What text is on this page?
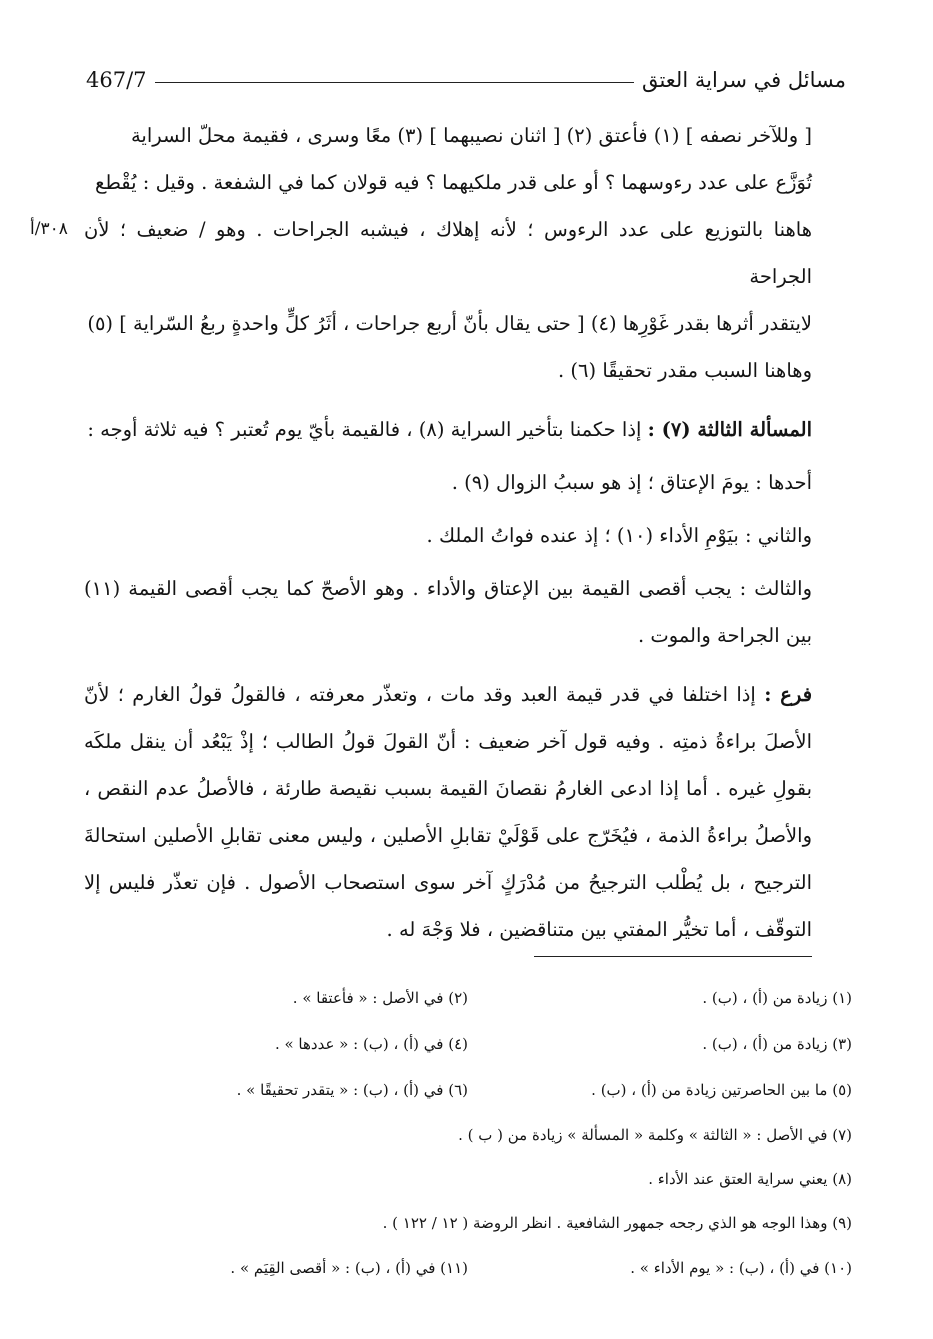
467/7	مسائل في سراية العتق
٣٠٨/أ

[ وللآخر نصفه ] (١) فأعتق (٢) [ اثنان نصيبهما ] (٣) معًا وسرى ، فقيمة محلّ السراية

تُوَزَّع على عدد رءوسهما ؟ أو على قدر ملكيهما ؟ فيه قولان كما في الشفعة . وقيل : يُقْطع

هاهنا بالتوزيع على عدد الرءوس ؛ لأنه إهلاك ، فيشبه الجراحات . وهو / ضعيف ؛ لأن الجراحة

لايتقدر أثرها بقدر غَوْرِها (٤) [ حتى يقال بأنّ أربع جراحات ، أثَرُ كلٍّ واحدةٍ ربعُ السّراية ] (٥)

وهاهنا السبب مقدر تحقيقًا (٦) .

المسألة الثالثة (٧) : إذا حكمنا بتأخير السراية (٨) ، فالقيمة بأيّ يوم تُعتبر ؟ فيه ثلاثة أوجه :

أحدها : يومَ الإعتاق ؛ إذ هو سببُ الزوال (٩) .

والثاني : بيَوْمِ الأداء (١٠) ؛ إذ عنده فواتُ الملك .

والثالث : يجب أقصى القيمة بين الإعتاق والأداء . وهو الأصحّ كما يجب أقصى القيمة (١١) بين الجراحة والموت .

فرع : إذا اختلفا في قدر قيمة العبد وقد مات ، وتعذّر معرفته ، فالقولُ قولُ الغارم ؛ لأنّ الأصلَ براءةُ ذمتِه . وفيه قول آخر ضعيف : أنّ القولَ قولُ الطالب ؛ إذْ يَبْعُد أن ينقل ملكَه بقولِ غيره . أما إذا ادعى الغارمُ نقصانَ القيمة بسبب نقيصة طارئة ، فالأصلُ عدم النقص ، والأصلُ براءةُ الذمة ، فيُخَرّج على قَوْلَيْ تقابلِ الأصلين ، وليس معنى تقابلِ الأصلين استحالةَ الترجيح ، بل يُطْلب الترجيحُ من مُدْرَكٍ آخر سوى استصحاب الأصول . فإن تعذّر فليس إلا التوقّف ، أما تخيُّر المفتي بين متناقضين ، فلا وَجْهَ له .

(١) زيادة من (أ) ، (ب) .
(٢) في الأصل : « فأعتقا » .
(٣) زيادة من (أ) ، (ب) .
(٤) في (أ) ، (ب) : « عددها » .
(٥) ما بين الحاصرتين زيادة من (أ) ، (ب) .
(٦) في (أ) ، (ب) : « يتقدر تحقيقًا » .
(٧) في الأصل : « الثالثة » وكلمة « المسألة » زيادة من ( ب ) .
(٨) يعني سراية العتق عند الأداء .
(٩) وهذا الوجه هو الذي رجحه جمهور الشافعية . انظر الروضة ( ١٢ / ١٢٢ ) .
(١٠) في (أ) ، (ب) : « يوم الأداء » .
(١١) في (أ) ، (ب) : « أقصى القِيَم » .
